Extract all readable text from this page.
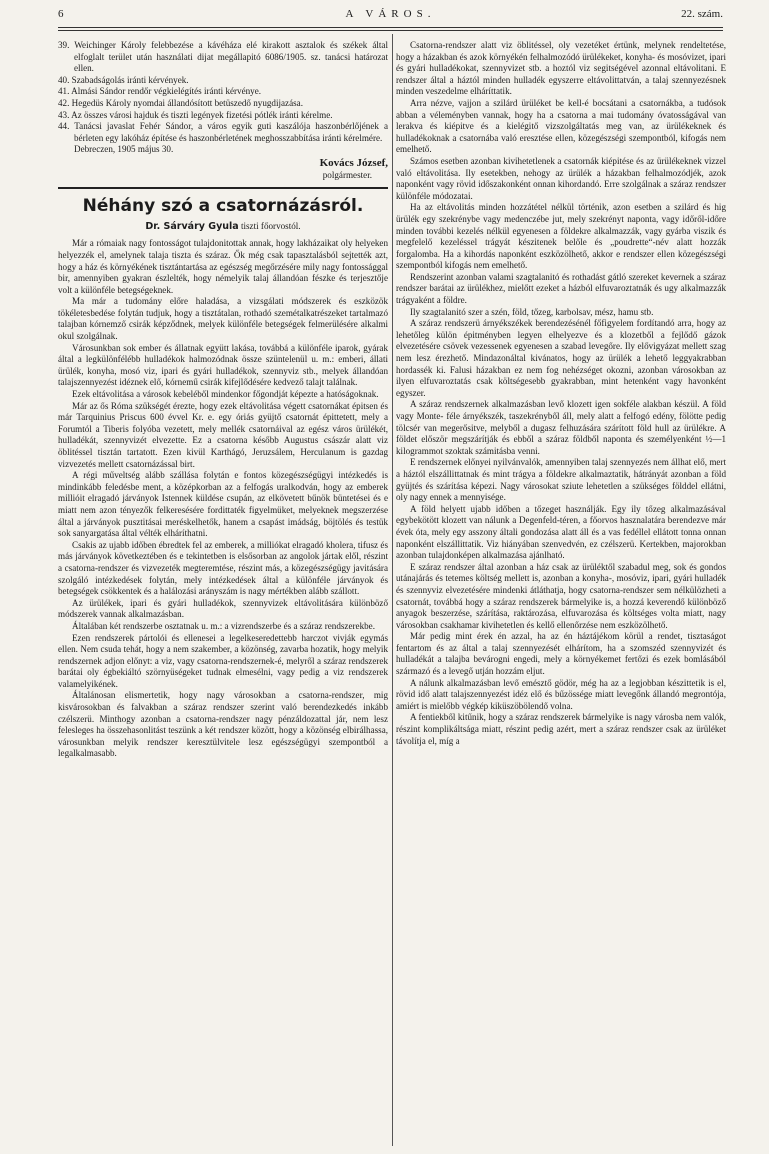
6	A VÁROS.	22. szám.

39. Weichinger Károly felebbezése a kávéháza elé kirakott asztalok és székek által elfoglalt terület után használati dijat megállapitó 6086/1905. sz. tanácsi határozat ellen.

40. Szabadságolás iránti kérvények.

41. Almási Sándor rendőr végkielégítés iránti kérvénye.

42. Hegedüs Károly nyomdai állandósított betüszedő nyugdijazása.

43. Az összes városi hajduk és tiszti legények fizetési pótlék iránti kérelme.

44. Tanácsi javaslat Fehér Sándor, a város egyik guti kaszálója haszonbérlőjének a bérleten egy lakóház építése és haszonbérletének meghosszabbítása iránti kérelmére.

Debreczen, 1905 május 30.

Kovács József,

polgármester.

Néhány szó a csatornázásról.

Dr. Sárváry Gyula tiszti főorvostól.

Már a rómaiak nagy fontosságot tulajdonitottak annak, hogy lakházaikat oly helyeken helyezzék el, amelynek talaja tiszta és száraz. Ők még csak tapasztalásból sejtették azt, hogy a ház és környékének tisztántartása az egészség megőrzésére mily nagy fontossággal bir, amennyiben gyakran észlelték, hogy némelyik talaj állandóan fészke és terjesztője volt a különféle betegségeknek.

Ma már a tudomány előre haladása, a vizsgálati módszerek és eszközök tökéletesbedése folytán tudjuk, hogy a tisztátalan, rothadó szemétalkatrészeket tartalmazó talajban kórnemző csirák képződnek, melyek különféle betegségek felmerülésére alkalmi okul szolgálnak.

Városunkban sok ember és állatnak együtt lakása, továbbá a különféle iparok, gyárak által a legkülönfélébb hulladékok halmozódnak össze szüntelenül u. m.: emberi, állati ürülék, konyha, mosó viz, ipari és gyári hulladékok, szennyviz stb., melyek állandóan talajszennyezést idéznek elő, kórnemű csirák kifejlődésére kedvező talajt találnak.

Ezek eltávolitása a városok kebeléből mindenkor főgondját képezte a hatóságoknak.

Már az ős Róma szükségét érezte, hogy ezek eltávolitása végett csatornákat épitsen és már Tarquinius Priscus 600 évvel Kr. e. egy óriás gyüjtő csatornát épittetett, mely a Forumtól a Tiberis folyóba vezetett, mely mellék csatornáival az egész város ürülékét, hulladékát, szennyvizét elvezette. Ez a csatorna később Augustus császár alatt viz öblitéssel tisztán tartatott. Ezen kivül Karthágó, Jeruzsálem, Herculanum is gazdag vizvezetés mellett csatornázással birt.

A régi műveltség alább szállása folytán e fontos közegészségügyi intézkedés is mindinkább feledésbe ment, a középkorban az a felfogás uralkodván, hogy az emberek millióit elragadó járványok Istennek küldése csupán, az elkövetett bűnök büntetései és e miatt nem azon tényezők felkeresésére fordittaték figyelmüket, melyeknek megszerzése által a járványok pusztitásai meréskelhetők, hanem a csapást imádság, böjtölés és testük sok sanyargatása által vélték elháríthatni.

Csakis az ujabb időben ébredtek fel az emberek, a milliókat elragadó kholera, tifusz és más járványok következtében és e tekintetben is elsősorban az angolok jártak elől, részint a csatorna-rendszer és vizvezeték megteremtése, részint más, a közegészségügy javitására szolgáló intézkedések folytán, mely intézkedések által a különféle járványok és betegségek csökkentek és a halálozási arányszám is nagy mértékben alább szállott.

Az ürülékek, ipari és gyári hulladékok, szennyvizek eltávolitására különböző módszerek vannak alkalmazásban.

Általában két rendszerbe osztatnak u. m.: a vizrendszerbe és a száraz rendszerekbe.

Ezen rendszerek pártolói és ellenesei a legelkeseredettebb harczot vivják egymás ellen. Nem csuda tehát, hogy a nem szakember, a közönség, zavarba hozatik, hogy melyik rendszernek adjon előnyt: a viz, vagy csatorna-rendszernek-é, melyről a száraz rendszerek barátai oly égbekiáltó szörnyüségeket tudnak elmesélni, vagy pedig a viz rendszerek valamelyikének.

Általánosan elismertetik, hogy nagy városokban a csatorna-rendszer, mig kisvárosokban és falvakban a száraz rendszer szerint való berendezkedés inkább czélszerü. Minthogy azonban a csatorna-rendszer nagy pénzáldozattal jár, nem lesz felesleges ha összehasonlitást teszünk a két rendszer között, hogy a közönség elbirálhassa, városunkban melyik rendszer keresztülvitele lesz egészségügyi szempontból a legalkalmasabb.

Csatorna-rendszer alatt viz öblitéssel, oly vezetéket értünk, melynek rendeltetése, hogy a házakban és azok környékén felhalmozódó ürülékeket, konyha- és mosóvizet, ipari és gyári hulladékokat, szennyvizet stb. a hoztól viz segitségével azonnal eltávolitani. E rendszer által a háztól minden hulladék egyszerre eltávolittatván, a talaj szennyezésnek minden veszedelme elháríttatik.

Arra nézve, vajjon a szilárd ürüléket be kell-é bocsátani a csatornákba, a tudósok abban a véleményben vannak, hogy ha a csatorna a mai tudomány óvatosságával van lerakva és kiépitve és a kielégitő vizszolgáltatás meg van, az ürülékeknek és hulladékoknak a csatornába való eresztése ellen, közegészségi szempontból, kifogás nem emelhető.

Számos esetben azonban kivihetetlenek a csatornák kiépitése és az ürülékeknek vizzel való eltávolitása. Ily esetekben, nehogy az ürülék a házakban felhalmozódjék, azok naponként vagy rövid időszakonként onnan kihordandó. Erre szolgálnak a száraz rendszer különféle módozatai.

Ha az eltávolitás minden hozzátétel nélkül történik, azon esetben a szilárd és hig ürülék egy szekrénybe vagy medenczébe jut, mely szekrényt naponta, vagy időről-időre minden további kezelés nélkül egyenesen a földekre alkalmazzák, vagy gyárba viszik és megfelelő kezeléssel trágyát készitenek belőle és „poudrette“-név alatt hozzák forgalomba. Ha a kihordás naponként eszközölhető, akkor e rendszer ellen közegészségi szempontból kifogás nem emelhető.

Rendszerint azonban valami szagtalanitó és rothadást gátló szereket kevernek a száraz rendszer barátai az ürülékhez, mielőtt ezeket a házból elfuvaroztatnák és ugy alkalmazzák trágyaként a földre.

Ily szagtalanitó szer a szén, föld, tőzeg, karbolsav, mész, hamu stb.

A száraz rendszerü árnyékszékek berendezésénél főfigyelem fordítandó arra, hogy az lehetőleg külön épitményben legyen elhelyezve és a klozetből a fejlődő gázok elvezetésére csövek vezessenek egyenesen a szabad levegőre. Ily elővigyázat mellett szag nem lesz érezhető. Mindazonáltal kivánatos, hogy az ürülék a lehető leggyakrabban hordassék ki. Falusi házakban ez nem fog nehézséget okozni, azonban városokban az ilyen elfuvaroztatás csak költségesebb gyakrabban, mint hetenként vagy havonként egyszer.

A száraz rendszernek alkalmazásban levő klozett igen sokféle alakban készül. A föld vagy Monte- féle árnyékszék, taszekrényből áll, mely alatt a felfogó edény, fölötte pedig tölcsér van megerősitve, melyből a dugasz felhuzására szárított föld hull az ürülékre. A földet először megszárítják és ebből a száraz földből naponta és személyenként ½—1 kilogrammot szoktak számitásba venni.

E rendszernek előnyei nyilvánvalók, amennyiben talaj szennyezés nem állhat elő, mert a háztól elszállittatnak és mint trágya a földekre alkalmaztatik, hátrányát azonban a föld gyüjtés és szárítása képezi. Nagy városokat sziute lehetetlen a szükséges földdel ellátni, oly nagy ennek a mennyisége.

A föld helyett ujabb időben a tőzeget használják. Egy ily tőzeg alkalmazásával egybekötött klozett van nálunk a Degenfeld-téren, a főorvos hasznalatára berendezve már évek óta, mely egy asszony általi gondozása alatt áll és a vas fedéllel ellátott tonna onnan naponként elszállittatik. Viz hiányában szenvedvén, ez czélszerü. Kertekben, majorokban azonban tulajdonképen alkalmazása ajánlható.

E száraz rendszer által azonban a ház csak az ürüléktől szabadul meg, sok és gondos utánajárás és tetemes költség mellett is, azonban a konyha-, mosóviz, ipari, gyári hulladék és szennyviz elvezetésére mindenki átláthatja, hogy csatorna-rendszer sem nélkülözheti a csatornát, továbbá hogy a száraz rendszerek bármelyike is, a hozzá keverendő különböző anyagok beszerzése, szárítása, raktározása, elfuvarozása és költséges volta miatt, nagy városokban csakhamar kivihetetlen és kellő ellenőrzése nem eszközölhető.

Már pedig mint érek én azzal, ha az én háztájékom körül a rendet, tisztaságot fentartom és az által a talaj szennyezését elhárítom, ha a szomszéd szennyvizét és hulladékát a talajba bevárogni engedi, mely a környékemet fertőzi és ezek bomlásából származó és a levegő utján hozzám eljut.

A nálunk alkalmazásban levő emésztő gödör, még ha az a legjobban készittetik is el, rövid idő alatt talajszennyezést idéz elő és bűzössége miatt levegőnk állandó megrontója, amiért is mielőbb végkép kiküszöbölendő volna.

A fentiekből kitűnik, hogy a száraz rendszerek bármelyike is nagy városba nem valók, részint komplikáltsága miatt, részint pedig azért, mert a száraz rendszer csak az ürüléket távolítja el, míg a
